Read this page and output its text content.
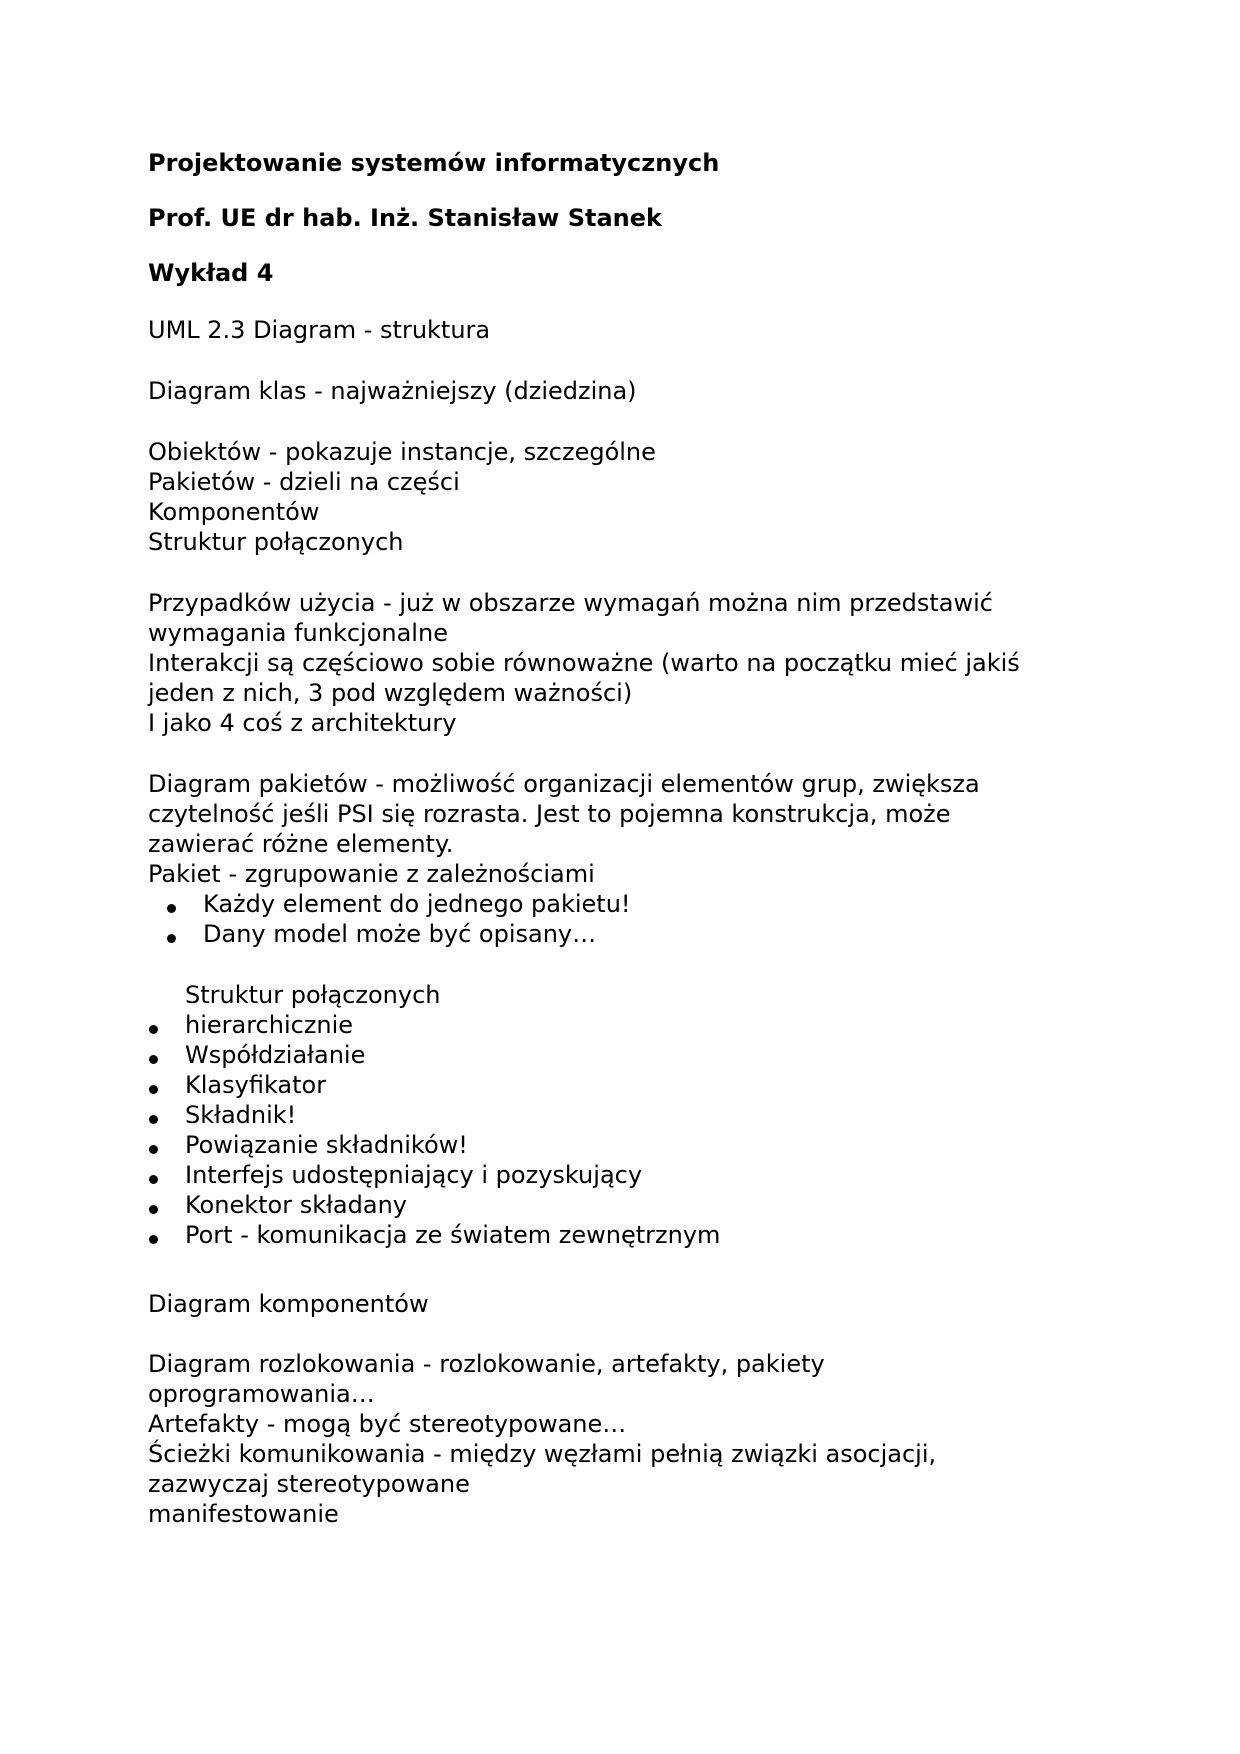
Projektowanie systemów informatycznych
Prof. UE dr hab. Inż. Stanisław Stanek
Wykład 4
UML 2.3 Diagram - struktura
Diagram klas - najważniejszy (dziedzina)
Obiektów - pokazuje instancje, szczególne
Pakietów - dzieli na części
Komponentów
Struktur połączonych
Przypadków użycia - już w obszarze wymagań można nim przedstawić
wymagania funkcjonalne
Interakcji są częściowo sobie równoważne (warto na początku mieć jakiś
jeden z nich, 3 pod względem ważności)
I jako 4 coś z architektury
Diagram pakietów - możliwość organizacji elementów grup, zwiększa
czytelność jeśli PSI się rozrasta. Jest to pojemna konstrukcja, może
zawierać różne elementy.
Pakiet - zgrupowanie z zależnościami
Każdy element do jednego pakietu!
Dany model może być opisany…
Struktur połączonych
hierarchicznie
Współdziałanie
Klasyfikator
Składnik!
Powiązanie składników!
Interfejs udostępniający i pozyskujący
Konektor składany
Port - komunikacja ze światem zewnętrznym
Diagram komponentów
Diagram rozlokowania - rozlokowanie, artefakty, pakiety
oprogramowania…
Artefakty - mogą być stereotypowane…
Ścieżki komunikowania - między węzłami pełnią związki asocjacji,
zazwyczaj stereotypowane
manifestowanie
